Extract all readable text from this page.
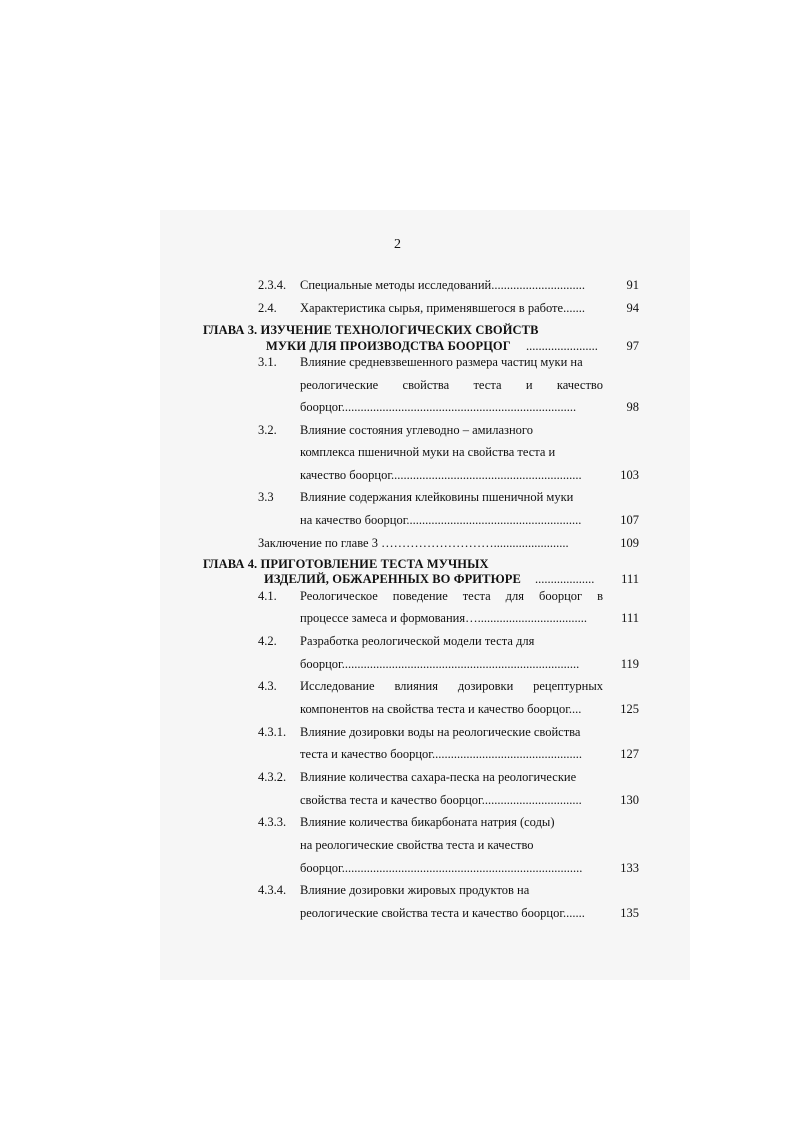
2
2.3.4. Специальные методы исследований..............................	91
2.4. Характеристика сырья, применявшегося в работе.......	94
ГЛАВА 3. ИЗУЧЕНИЕ ТЕХНОЛОГИЧЕСКИХ СВОЙСТВ
МУКИ ДЛЯ ПРОИЗВОДСТВА БООРЦОГ .......................	97
3.1. Влияние средневзвешенного размера частиц муки на
реологические свойства теста и качество
боорцог...........................................................................	98
3.2. Влияние состояния углеводно – амилазного
комплекса пшеничной муки на свойства теста и
качество боорцог.............................................................	103
3.3 Влияние содержания клейковины пшеничной муки
на качество боорцог........................................................	107
Заключение по главе 3 ………………………........................	109
ГЛАВА 4. ПРИГОТОВЛЕНИЕ ТЕСТА МУЧНЫХ
ИЗДЕЛИЙ, ОБЖАРЕННЫХ ВО ФРИТЮРЕ ...................	111
4.1. Реологическое поведение теста для боорцог в
процессе замеса и формования…...................................	111
4.2. Разработка реологической модели теста для
боорцог............................................................................	119
4.3. Исследование влияния дозировки рецептурных
компонентов на свойства теста и качество боорцог....	125
4.3.1. Влияние дозировки воды на реологические свойства
теста и качество боорцог................................................	127
4.3.2. Влияние количества сахара-песка на реологические
свойства теста и качество боорцог................................	130
4.3.3. Влияние количества бикарбоната натрия (соды)
на реологические свойства теста и качество
боорцог.............................................................................	133
4.3.4. Влияние дозировки жировых продуктов на
реологические свойства теста и качество боорцог.......	135
